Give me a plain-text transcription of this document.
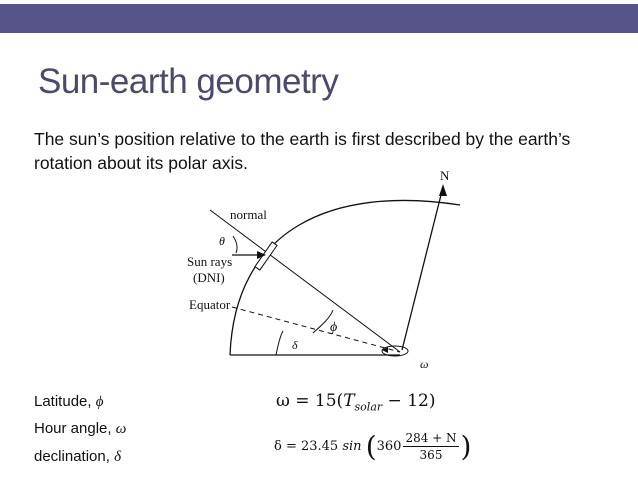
Sun-earth geometry
The sun’s position relative to the earth is first described by the earth’s rotation about its polar axis.
N
normal
θ
Sun rays
(DNI)
Equator
ϕ
δ
ω
Latitude, ϕ
Hour angle, ω
declination, δ
$\omega = 15(T_{solar} - 12)$
δ = 23.45 $\sin (360 \frac{284 + N}{365}$ )
